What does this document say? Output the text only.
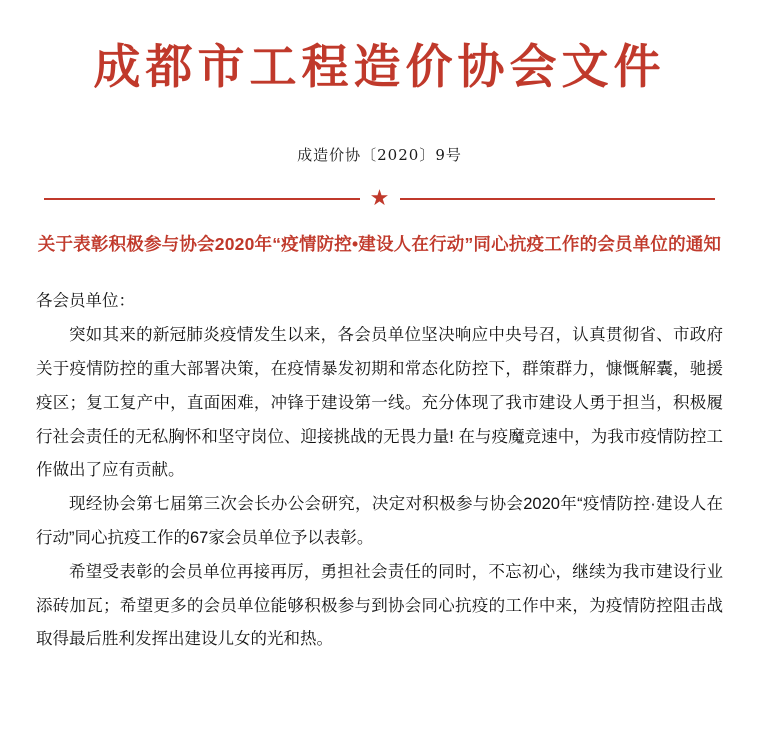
成都市工程造价协会文件
成造价协〔2020〕9号
★
关于表彰积极参与协会2020年“疫情防控•建设人在行动”同心抗疫工作的会员单位的通知

各会员单位：

突如其来的新冠肺炎疫情发生以来，各会员单位坚决响应中央号召，认真贯彻省、市政府关于疫情防控的重大部署决策，在疫情暴发初期和常态化防控下，群策群力，慷慨解囊，驰援疫区；复工复产中，直面困难，冲锋于建设第一线。充分体现了我市建设人勇于担当，积极履行社会责任的无私胸怀和坚守岗位、迎接挑战的无畏力量! 在与疫魔竞速中，为我市疫情防控工作做出了应有贡献。

现经协会第七届第三次会长办公会研究，决定对积极参与协会2020年“疫情防控·建设人在行动”同心抗疫工作的67家会员单位予以表彰。

希望受表彰的会员单位再接再厉，勇担社会责任的同时，不忘初心，继续为我市建设行业添砖加瓦；希望更多的会员单位能够积极参与到协会同心抗疫的工作中来，为疫情防控阻击战取得最后胜利发挥出建设儿女的光和热。
